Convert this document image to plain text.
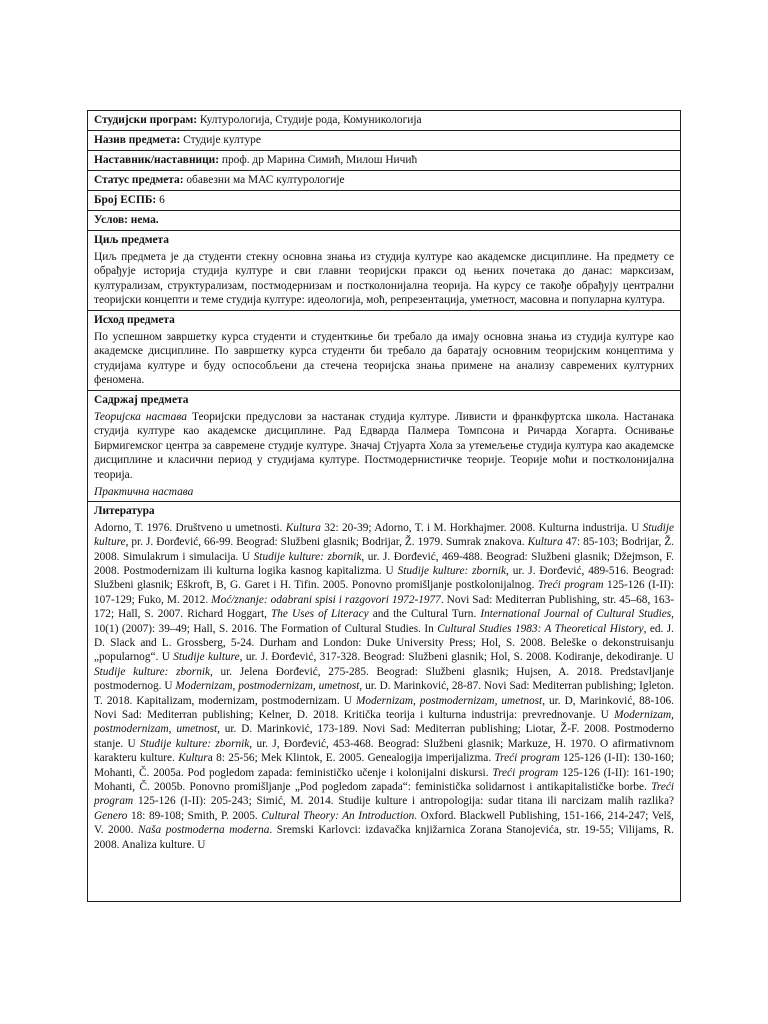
Студијски програм: Културологија, Студије рода, Комуникологија
Назив предмета: Студије културе
Наставник/наставници: проф. др Марина Симић, Милош Ничић
Статус предмета: обавезни ма МАС културологије
Број ЕСПБ: 6
Услов: нема.

Циљ предмета
Циљ предмета је да студенти стекну основна знања из студија културе као академске дисциплине. На предмету се обрађује историја студија културе и сви главни теоријски пракси од њених почетака до данас: марксизам, културализам, структурализам, постмодернизам и постколонијална теорија. На курсу се такође обрађују централни теоријски концепти и теме студија културе: идеологија, моћ, репрезентација, уметност, масовна и популарна култура.

Исход предмета
По успешном завршетку курса студенти и студенткиње би требало да имају основна знања из студија културе као академске дисциплине. По завршетку курса студенти би требало да баратају основним теоријским концептима у студијама културе и буду оспособљени да стечена теоријска знања примене на анализу савремених културних феномена.

Садржај предмета
Теоријска настава Теоријски предуслови за настанак студија културе. Ливисти и франкфуртска школа. Настанака студија културе као академске дисциплине. Рад Едварда Палмера Томпсона и Ричарда Хогарта. Оснивање Бирмигемског центра за савремене студије културе. Значај Стјуарта Хола за утемељење студија култура као академске дисциплине и класични период у студијама културе. Постмодернистичке теорије. Теорије моћи и постколонијална теорија.
Практична настава

Литература
Adorno, T. 1976. Društveno u umetnosti. Kultura 32: 20-39; Adorno, T. i M. Horkhajmer. 2008. Kulturna industrija. U Studije kulture, pr. J. Đorđević, 66-99. Beograd: Službeni glasnik; Bodrijar, Ž. 1979. Sumrak znakova. Kultura 47: 85-103; Bodrijar, Ž. 2008. Simulakrum i simulacija. U Studije kulture: zbornik, ur. J. Đorđević, 469-488. Beograd: Službeni glasnik; Džejmson, F. 2008. Postmodernizam ili kulturna logika kasnog kapitalizma. U Studije kulture: zbornik, ur. J. Đorđević, 489-516. Beograd: Službeni glasnik; Eškroft, B, G. Garet i H. Tifin. 2005. Ponovno promišljanje postkolonijalnog. Treći program 125-126 (I-II): 107-129; Fuko, M. 2012. Moć/znanje: odabrani spisi i razgovori 1972-1977. Novi Sad: Mediterran Publishing, str. 45–68, 163-172; Hall, S. 2007. Richard Hoggart, The Uses of Literacy and the Cultural Turn. International Journal of Cultural Studies, 10(1) (2007): 39–49; Hall, S. 2016. The Formation of Cultural Studies. In Cultural Studies 1983: A Theoretical History, ed. J. D. Slack and L. Grossberg, 5-24. Durham and London: Duke University Press; Hol, S. 2008. Beleške o dekonstruisanju „popularnog“. U Studije kulture, ur. J. Đorđević, 317-328. Beograd: Službeni glasnik; Hol, S. 2008. Kodiranje, dekodiranje. U Studije kulture: zbornik, ur. Jelena Đorđević, 275-285. Beograd: Službeni glasnik; Hujsen, A. 2018. Predstavljanje postmodernog. U Modernizam, postmodernizam, umetnost, ur. D. Marinković, 28-87. Novi Sad: Mediterran publishing; Igleton. T. 2018. Kapitalizam, modernizam, postmodernizam. U Modernizam, postmodernizam, umetnost, ur. D, Marinković, 88-106. Novi Sad: Mediterran publishing; Kelner, D. 2018. Kritička teorija i kulturna industrija: prevrednovanje. U Modernizam, postmodernizam, umetnost, ur. D. Marinković, 173-189. Novi Sad: Mediterran publishing; Liotar, Ž-F. 2008. Postmoderno stanje. U Studije kulture: zbornik, ur. J, Đorđević, 453-468. Beograd: Službeni glasnik; Markuze, H. 1970. O afirmativnom karakteru kulture. Kultura 8: 25-56; Mek Klintok, E. 2005. Genealogija imperijalizma. Treći program 125-126 (I-II): 130-160; Mohanti, Č. 2005a. Pod pogledom zapada: feminističko učenje i kolonijalni diskursi. Treći program 125-126 (I-II): 161-190; Mohanti, Č. 2005b. Ponovno promišljanje „Pod pogledom zapada“: feministička solidarnost i antikapitalističke borbe. Treći program 125-126 (I-II): 205-243; Simić, M. 2014. Studije kulture i antropologija: sudar titana ili narcizam malih razlika? Genero 18: 89-108; Smith, P. 2005. Cultural Theory: An Introduction. Oxford. Blackwell Publishing, 151-166, 214-247; Velš, V. 2000. Naša postmoderna moderna. Sremski Karlovci: izdavačka knjižarnica Zorana Stanojevića, str. 19-55; Vilijams, R. 2008. Analiza kulture. U
